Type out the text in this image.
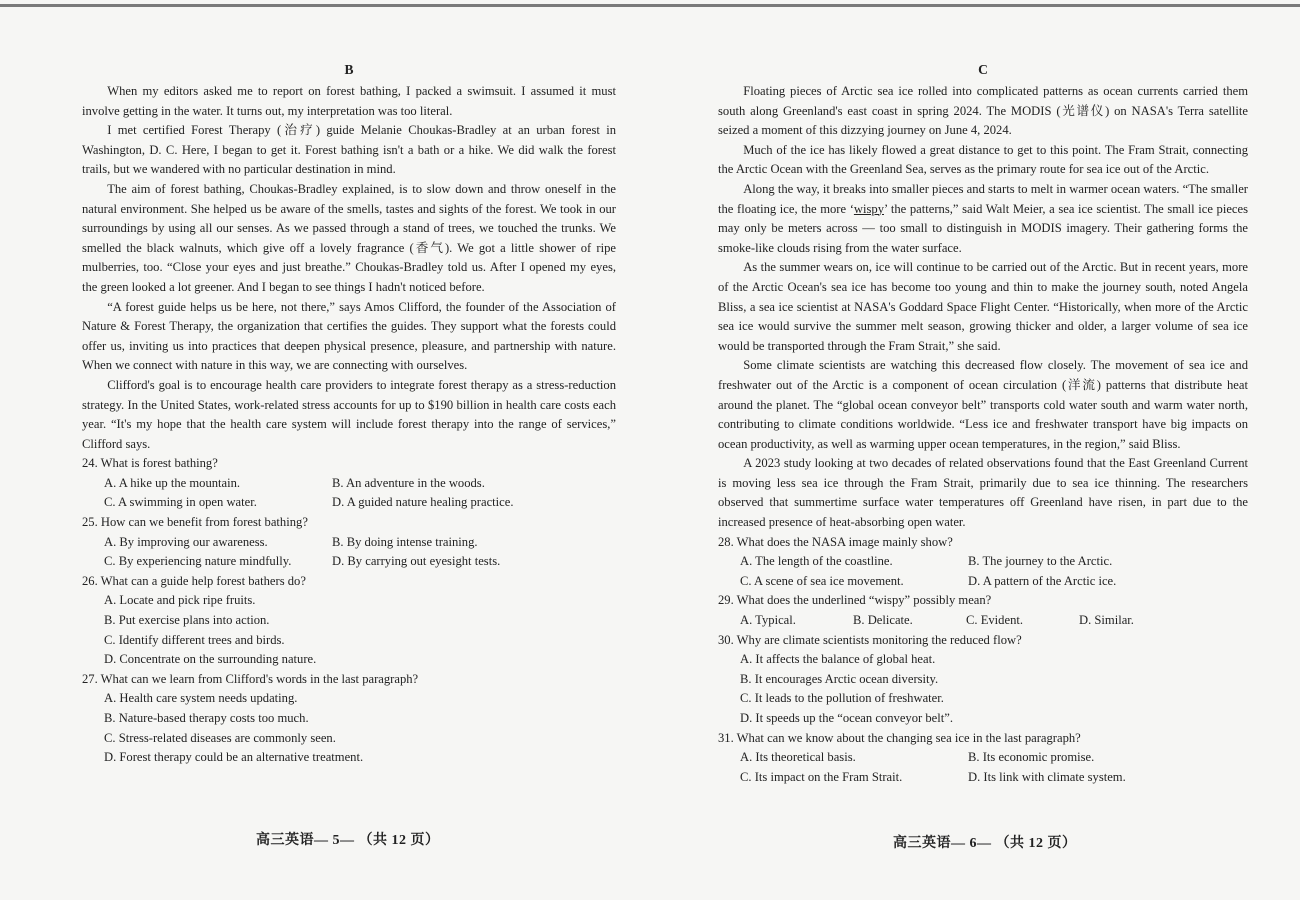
B

When my editors asked me to report on forest bathing, I packed a swimsuit. I assumed it must involve getting in the water. It turns out, my interpretation was too literal.

I met certified Forest Therapy (治疗) guide Melanie Choukas-Bradley at an urban forest in Washington, D. C. Here, I began to get it. Forest bathing isn't a bath or a hike. We did walk the forest trails, but we wandered with no particular destination in mind.

The aim of forest bathing, Choukas-Bradley explained, is to slow down and throw oneself in the natural environment. She helped us be aware of the smells, tastes and sights of the forest. We took in our surroundings by using all our senses. As we passed through a stand of trees, we touched the trunks. We smelled the black walnuts, which give off a lovely fragrance (香气). We got a little shower of ripe mulberries, too. “Close your eyes and just breathe.” Choukas-Bradley told us. After I opened my eyes, the green looked a lot greener. And I began to see things I hadn't noticed before.

“A forest guide helps us be here, not there,” says Amos Clifford, the founder of the Association of Nature & Forest Therapy, the organization that certifies the guides. They support what the forests could offer us, inviting us into practices that deepen physical presence, pleasure, and partnership with nature. When we connect with nature in this way, we are connecting with ourselves.

Clifford's goal is to encourage health care providers to integrate forest therapy as a stress-reduction strategy. In the United States, work-related stress accounts for up to $190 billion in health care costs each year. “It's my hope that the health care system will include forest therapy into the range of services,” Clifford says.

24. What is forest bathing?

A. A hike up the mountain.	B. An adventure in the woods.
C. A swimming in open water.	D. A guided nature healing practice.

25. How can we benefit from forest bathing?

A. By improving our awareness.	B. By doing intense training.
C. By experiencing nature mindfully.	D. By carrying out eyesight tests.

26. What can a guide help forest bathers do?

A. Locate and pick ripe fruits.

B. Put exercise plans into action.

C. Identify different trees and birds.

D. Concentrate on the surrounding nature.

27. What can we learn from Clifford's words in the last paragraph?

A. Health care system needs updating.

B. Nature-based therapy costs too much.

C. Stress-related diseases are commonly seen.

D. Forest therapy could be an alternative treatment.

高三英语— 5— （共 12 页）
C

Floating pieces of Arctic sea ice rolled into complicated patterns as ocean currents carried them south along Greenland's east coast in spring 2024. The MODIS (光谱仪) on NASA's Terra satellite seized a moment of this dizzying journey on June 4, 2024.

Much of the ice has likely flowed a great distance to get to this point. The Fram Strait, connecting the Arctic Ocean with the Greenland Sea, serves as the primary route for sea ice out of the Arctic.

Along the way, it breaks into smaller pieces and starts to melt in warmer ocean waters. “The smaller the floating ice, the more ‘wispy’ the patterns,” said Walt Meier, a sea ice scientist. The small ice pieces may only be meters across — too small to distinguish in MODIS imagery. Their gathering forms the smoke-like clouds rising from the water surface.

As the summer wears on, ice will continue to be carried out of the Arctic. But in recent years, more of the Arctic Ocean's sea ice has become too young and thin to make the journey south, noted Angela Bliss, a sea ice scientist at NASA's Goddard Space Flight Center. “Historically, when more of the Arctic sea ice would survive the summer melt season, growing thicker and older, a larger volume of sea ice would be transported through the Fram Strait,” she said.

Some climate scientists are watching this decreased flow closely. The movement of sea ice and freshwater out of the Arctic is a component of ocean circulation (洋流) patterns that distribute heat around the planet. The “global ocean conveyor belt” transports cold water south and warm water north, contributing to climate conditions worldwide. “Less ice and freshwater transport have big impacts on ocean productivity, as well as warming upper ocean temperatures, in the region,” said Bliss.

A 2023 study looking at two decades of related observations found that the East Greenland Current is moving less sea ice through the Fram Strait, primarily due to sea ice thinning. The researchers observed that summertime surface water temperatures off Greenland have risen, in part due to the increased presence of heat-absorbing open water.

28. What does the NASA image mainly show?

A. The length of the coastline.	B. The journey to the Arctic.
C. A scene of sea ice movement.	D. A pattern of the Arctic ice.

29. What does the underlined “wispy” possibly mean?

A. Typical.	B. Delicate.	C. Evident.	D. Similar.

30. Why are climate scientists monitoring the reduced flow?

A. It affects the balance of global heat.

B. It encourages Arctic ocean diversity.

C. It leads to the pollution of freshwater.

D. It speeds up the “ocean conveyor belt”.

31. What can we know about the changing sea ice in the last paragraph?

A. Its theoretical basis.	B. Its economic promise.
C. Its impact on the Fram Strait.	D. Its link with climate system.
高三英语— 6— （共 12 页）
